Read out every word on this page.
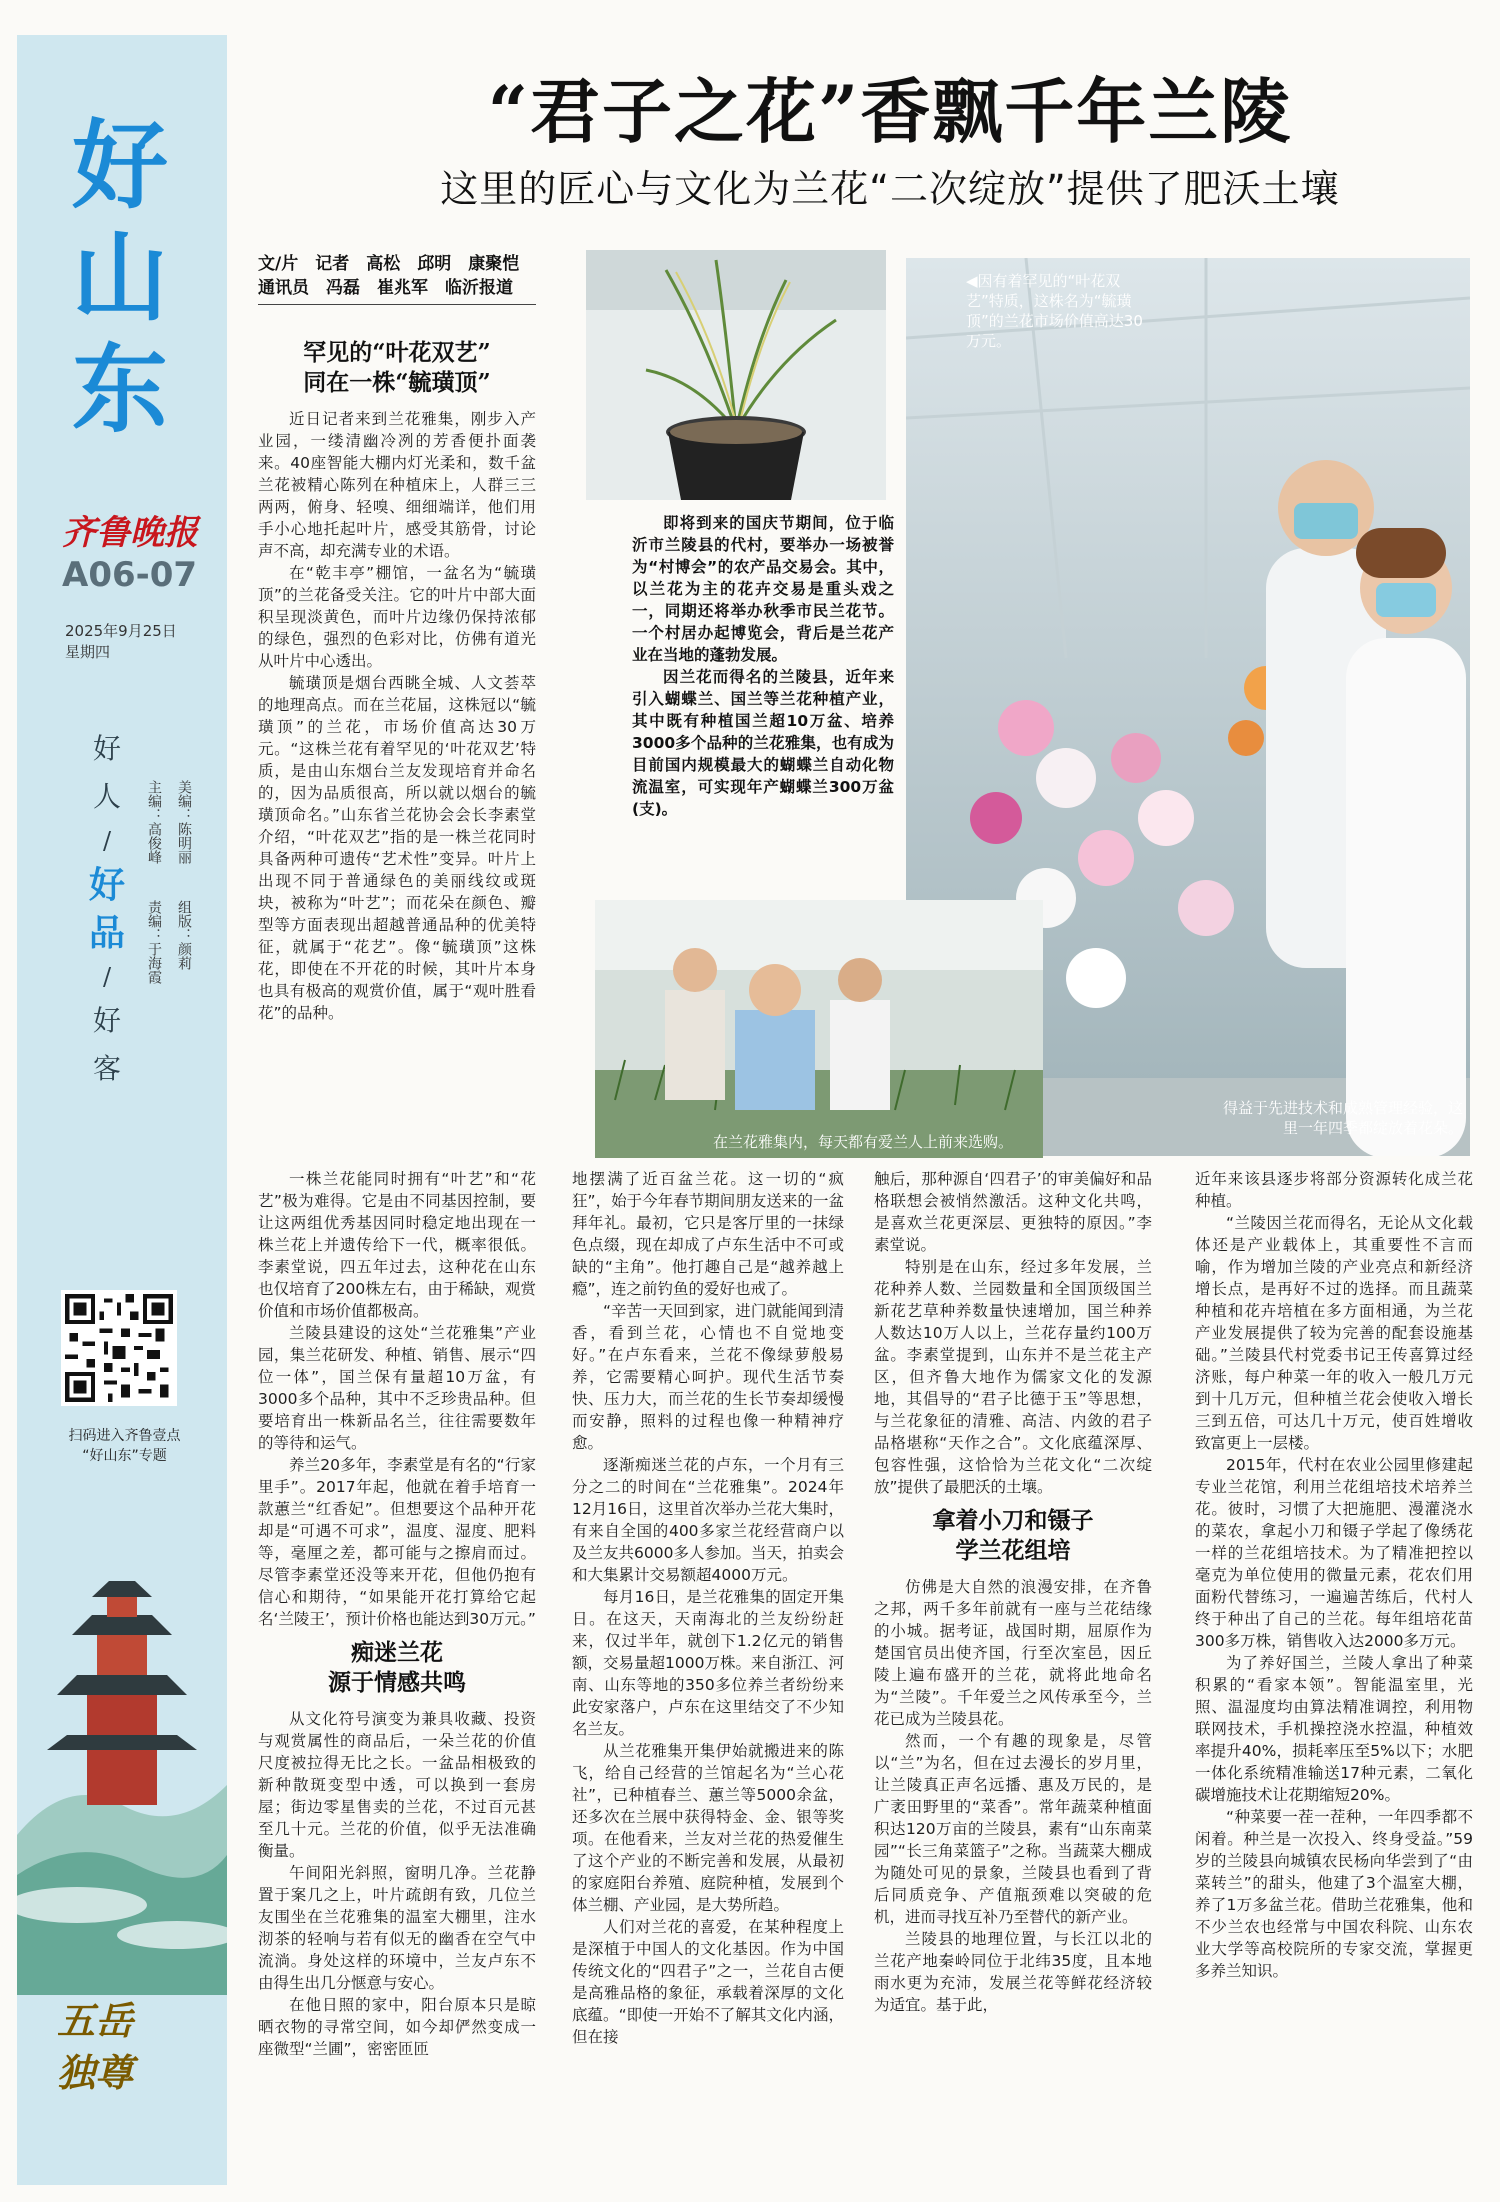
好山东
齐鲁晚报
A06-07
2025年9月25日
星期四
好
人
/
好
品
/
好
客
主编：高俊峰
责编：于海霞
美编：陈明丽
组版：颜莉
扫码进入齐鲁壹点
“好山东”专题
五岳独尊
“君子之花”香飘千年兰陵
这里的匠心与文化为兰花“二次绽放”提供了肥沃土壤
文/片　记者　高松　邱明　康聚恺
通讯员　冯磊　崔兆军　临沂报道
罕见的“叶花双艺”
同在一株“毓璜顶”

近日记者来到兰花雅集，刚步入产业园，一缕清幽冷冽的芳香便扑面袭来。40座智能大棚内灯光柔和，数千盆兰花被精心陈列在种植床上，人群三三两两，俯身、轻嗅、细细端详，他们用手小心地托起叶片，感受其筋骨，讨论声不高，却充满专业的术语。

在“乾丰亭”棚馆，一盆名为“毓璜顶”的兰花备受关注。它的叶片中部大面积呈现淡黄色，而叶片边缘仍保持浓郁的绿色，强烈的色彩对比，仿佛有道光从叶片中心透出。

毓璜顶是烟台西眺全城、人文荟萃的地理高点。而在兰花届，这株冠以“毓璜顶”的兰花，市场价值高达30万元。“这株兰花有着罕见的‘叶花双艺’特质，是由山东烟台兰友发现培育并命名的，因为品质很高，所以就以烟台的毓璜顶命名。”山东省兰花协会会长李素堂介绍，“叶花双艺”指的是一株兰花同时具备两种可遗传“艺术性”变异。叶片上出现不同于普通绿色的美丽线纹或斑块，被称为“叶艺”；而花朵在颜色、瓣型等方面表现出超越普通品种的优美特征，就属于“花艺”。像“毓璜顶”这株花，即使在不开花的时候，其叶片本身也具有极高的观赏价值，属于“观叶胜看花”的品种。

◀因有着罕见的“叶花双艺”特质，这株名为“毓璜顶”的兰花市场价值高达30万元。
得益于先进技术和成熟管理经验，这里一年四季都绽放着花朵。
在兰花雅集内，每天都有爱兰人上前来选购。

即将到来的国庆节期间，位于临沂市兰陵县的代村，要举办一场被誉为“村博会”的农产品交易会。其中，以兰花为主的花卉交易是重头戏之一，同期还将举办秋季市民兰花节。一个村居办起博览会，背后是兰花产业在当地的蓬勃发展。

因兰花而得名的兰陵县，近年来引入蝴蝶兰、国兰等兰花种植产业，其中既有种植国兰超10万盆、培养3000多个品种的兰花雅集，也有成为目前国内规模最大的蝴蝶兰自动化物流温室，可实现年产蝴蝶兰300万盆(支)。

一株兰花能同时拥有“叶艺”和“花艺”极为难得。它是由不同基因控制，要让这两组优秀基因同时稳定地出现在一株兰花上并遗传给下一代，概率很低。李素堂说，四五年过去，这种花在山东也仅培育了200株左右，由于稀缺，观赏价值和市场价值都极高。

兰陵县建设的这处“兰花雅集”产业园，集兰花研发、种植、销售、展示“四位一体”，国兰保有量超10万盆，有3000多个品种，其中不乏珍贵品种。但要培育出一株新品名兰，往往需要数年的等待和运气。

养兰20多年，李素堂是有名的“行家里手”。2017年起，他就在着手培育一款蕙兰“红香妃”。但想要这个品种开花却是“可遇不可求”，温度、湿度、肥料等，毫厘之差，都可能与之擦肩而过。尽管李素堂还没等来开花，但他仍抱有信心和期待，“如果能开花打算给它起名‘兰陵王’，预计价格也能达到30万元。”

痴迷兰花
源于情感共鸣

从文化符号演变为兼具收藏、投资与观赏属性的商品后，一朵兰花的价值尺度被拉得无比之长。一盆品相极致的新种散斑变型中透，可以换到一套房屋；街边零星售卖的兰花，不过百元甚至几十元。兰花的价值，似乎无法准确衡量。

午间阳光斜照，窗明几净。兰花静置于案几之上，叶片疏朗有致，几位兰友围坐在兰花雅集的温室大棚里，注水沏茶的轻响与若有似无的幽香在空气中流淌。身处这样的环境中，兰友卢东不由得生出几分惬意与安心。

在他日照的家中，阳台原本只是晾晒衣物的寻常空间，如今却俨然变成一座微型“兰圃”，密密匝匝

地摆满了近百盆兰花。这一切的“疯狂”，始于今年春节期间朋友送来的一盆拜年礼。最初，它只是客厅里的一抹绿色点缀，现在却成了卢东生活中不可或缺的“主角”。他打趣自己是“越养越上瘾”，连之前钓鱼的爱好也戒了。

“辛苦一天回到家，进门就能闻到清香，看到兰花，心情也不自觉地变好。”在卢东看来，兰花不像绿萝般易养，它需要精心呵护。现代生活节奏快、压力大，而兰花的生长节奏却缓慢而安静，照料的过程也像一种精神疗愈。

逐渐痴迷兰花的卢东，一个月有三分之二的时间在“兰花雅集”。2024年12月16日，这里首次举办兰花大集时，有来自全国的400多家兰花经营商户以及兰友共6000多人参加。当天，拍卖会和大集累计交易额超4000万元。

每月16日，是兰花雅集的固定开集日。在这天，天南海北的兰友纷纷赶来，仅过半年，就创下1.2亿元的销售额，交易量超1000万株。来自浙江、河南、山东等地的350多位养兰者纷纷来此安家落户，卢东在这里结交了不少知名兰友。

从兰花雅集开集伊始就搬进来的陈飞，给自己经营的兰馆起名为“兰心花社”，已种植春兰、蕙兰等5000余盆，还多次在兰展中获得特金、金、银等奖项。在他看来，兰友对兰花的热爱催生了这个产业的不断完善和发展，从最初的家庭阳台养殖、庭院种植，发展到个体兰棚、产业园，是大势所趋。

人们对兰花的喜爱，在某种程度上是深植于中国人的文化基因。作为中国传统文化的“四君子”之一，兰花自古便是高雅品格的象征，承载着深厚的文化底蕴。“即使一开始不了解其文化内涵，但在接

触后，那种源自‘四君子’的审美偏好和品格联想会被悄然激活。这种文化共鸣，是喜欢兰花更深层、更独特的原因。”李素堂说。

特别是在山东，经过多年发展，兰花种养人数、兰园数量和全国顶级国兰新花艺草种养数量快速增加，国兰种养人数达10万人以上，兰花存量约100万盆。李素堂提到，山东并不是兰花主产区，但齐鲁大地作为儒家文化的发源地，其倡导的“君子比德于玉”等思想，与兰花象征的清雅、高洁、内敛的君子品格堪称“天作之合”。文化底蕴深厚、包容性强，这恰恰为兰花文化“二次绽放”提供了最肥沃的土壤。

拿着小刀和镊子
学兰花组培

仿佛是大自然的浪漫安排，在齐鲁之邦，两千多年前就有一座与兰花结缘的小城。据考证，战国时期，屈原作为楚国官员出使齐国，行至次室邑，因丘陵上遍布盛开的兰花，就将此地命名为“兰陵”。千年爱兰之风传承至今，兰花已成为兰陵县花。

然而，一个有趣的现象是，尽管以“兰”为名，但在过去漫长的岁月里，让兰陵真正声名远播、惠及万民的，是广袤田野里的“菜香”。常年蔬菜种植面积达120万亩的兰陵县，素有“山东南菜园”“长三角菜篮子”之称。当蔬菜大棚成为随处可见的景象，兰陵县也看到了背后同质竞争、产值瓶颈难以突破的危机，进而寻找互补乃至替代的新产业。

兰陵县的地理位置，与长江以北的兰花产地秦岭同位于北纬35度，且本地雨水更为充沛，发展兰花等鲜花经济较为适宜。基于此，

近年来该县逐步将部分资源转化成兰花种植。

“兰陵因兰花而得名，无论从文化载体还是产业载体上，其重要性不言而喻，作为增加兰陵的产业亮点和新经济增长点，是再好不过的选择。而且蔬菜种植和花卉培植在多方面相通，为兰花产业发展提供了较为完善的配套设施基础。”兰陵县代村党委书记王传喜算过经济账，每户种菜一年的收入一般几万元到十几万元，但种植兰花会使收入增长三到五倍，可达几十万元，使百姓增收致富更上一层楼。

2015年，代村在农业公园里修建起专业兰花馆，利用兰花组培技术培养兰花。彼时，习惯了大把施肥、漫灌浇水的菜农，拿起小刀和镊子学起了像绣花一样的兰花组培技术。为了精准把控以毫克为单位使用的微量元素，花农们用面粉代替练习，一遍遍苦练后，代村人终于种出了自己的兰花。每年组培花苗300多万株，销售收入达2000多万元。

为了养好国兰，兰陵人拿出了种菜积累的“看家本领”。智能温室里，光照、温湿度均由算法精准调控，利用物联网技术，手机操控浇水控温，种植效率提升40%，损耗率压至5%以下；水肥一体化系统精准输送17种元素，二氧化碳增施技术让花期缩短20%。

“种菜要一茬一茬种，一年四季都不闲着。种兰是一次投入、终身受益。”59岁的兰陵县向城镇农民杨向华尝到了“由菜转兰”的甜头，他建了3个温室大棚，养了1万多盆兰花。借助兰花雅集，他和不少兰农也经常与中国农科院、山东农业大学等高校院所的专家交流，掌握更多养兰知识。
